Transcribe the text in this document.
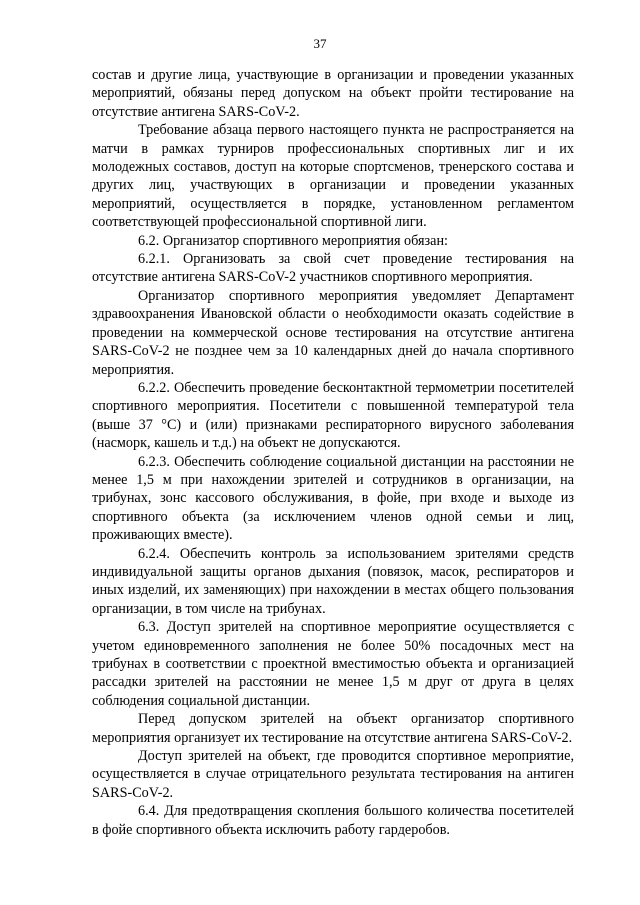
37

состав и другие лица, участвующие в организации и проведении указанных мероприятий, обязаны перед допуском на объект пройти тестирование на отсутствие антигена SARS-CoV-2.

Требование абзаца первого настоящего пункта не распространяется на матчи в рамках турниров профессиональных спортивных лиг и их молодежных составов, доступ на которые спортсменов, тренерского состава и других лиц, участвующих в организации и проведении указанных мероприятий, осуществляется в порядке, установленном регламентом соответствующей профессиональной спортивной лиги.

6.2. Организатор спортивного мероприятия обязан:

6.2.1. Организовать за свой счет проведение тестирования на отсутствие антигена SARS-CoV-2 участников спортивного мероприятия.

Организатор спортивного мероприятия уведомляет Департамент здравоохранения Ивановской области о необходимости оказать содействие в проведении на коммерческой основе тестирования на отсутствие антигена SARS-CoV-2 не позднее чем за 10 календарных дней до начала спортивного мероприятия.

6.2.2. Обеспечить проведение бесконтактной термометрии посетителей спортивного мероприятия. Посетители с повышенной температурой тела (выше 37 °C) и (или) признаками респираторного вирусного заболевания (насморк, кашель и т.д.) на объект не допускаются.

6.2.3. Обеспечить соблюдение социальной дистанции на расстоянии не менее 1,5 м при нахождении зрителей и сотрудников в организации, на трибунах, зонс кассового обслуживания, в фойе, при входе и выходе из спортивного объекта (за исключением членов одной семьи и лиц, проживающих вместе).

6.2.4. Обеспечить контроль за использованием зрителями средств индивидуальной защиты органов дыхания (повязок, масок, респираторов и иных изделий, их заменяющих) при нахождении в местах общего пользования организации, в том числе на трибунах.

6.3. Доступ зрителей на спортивное мероприятие осуществляется с учетом единовременного заполнения не более 50% посадочных мест на трибунах в соответствии с проектной вместимостью объекта и организацией рассадки зрителей на расстоянии не менее 1,5 м друг от друга в целях соблюдения социальной дистанции.

Перед допуском зрителей на объект организатор спортивного мероприятия организует их тестирование на отсутствие антигена SARS-CoV-2.

Доступ зрителей на объект, где проводится спортивное мероприятие, осуществляется в случае отрицательного результата тестирования на антиген SARS-CoV-2.

6.4. Для предотвращения скопления большого количества посетителей в фойе спортивного объекта исключить работу гардеробов.
